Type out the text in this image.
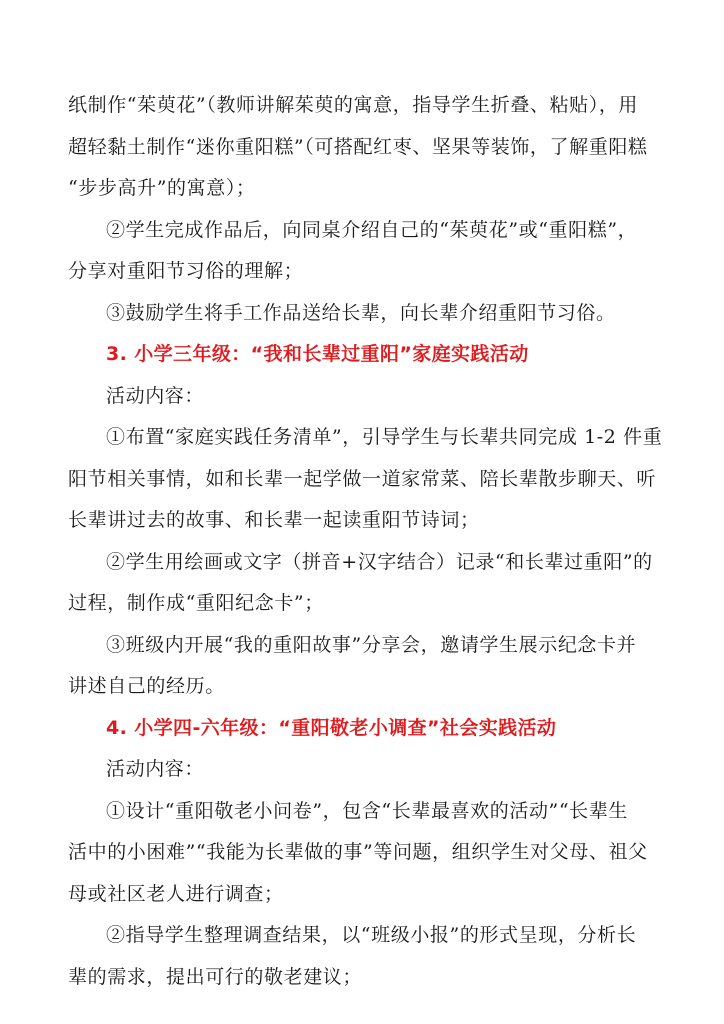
纸制作“茱萸花”（教师讲解茱萸的寓意，指导学生折叠、粘贴），用
超轻黏土制作“迷你重阳糕”（可搭配红枣、坚果等装饰，了解重阳糕
“步步高升”的寓意）；
②学生完成作品后，向同桌介绍自己的“茱萸花”或“重阳糕”，
分享对重阳节习俗的理解；
③鼓励学生将手工作品送给长辈，向长辈介绍重阳节习俗。
3. 小学三年级：“我和长辈过重阳”家庭实践活动
活动内容：
①布置“家庭实践任务清单”，引导学生与长辈共同完成 1-2 件重
阳节相关事情，如和长辈一起学做一道家常菜、陪长辈散步聊天、听
长辈讲过去的故事、和长辈一起读重阳节诗词；
②学生用绘画或文字（拼音+汉字结合）记录“和长辈过重阳”的
过程，制作成“重阳纪念卡”；
③班级内开展“我的重阳故事”分享会，邀请学生展示纪念卡并
讲述自己的经历。
4. 小学四-六年级：“重阳敬老小调查”社会实践活动
活动内容：
①设计“重阳敬老小问卷”，包含“长辈最喜欢的活动”“长辈生
活中的小困难”“我能为长辈做的事”等问题，组织学生对父母、祖父
母或社区老人进行调查；
②指导学生整理调查结果，以“班级小报”的形式呈现，分析长
辈的需求，提出可行的敬老建议；
